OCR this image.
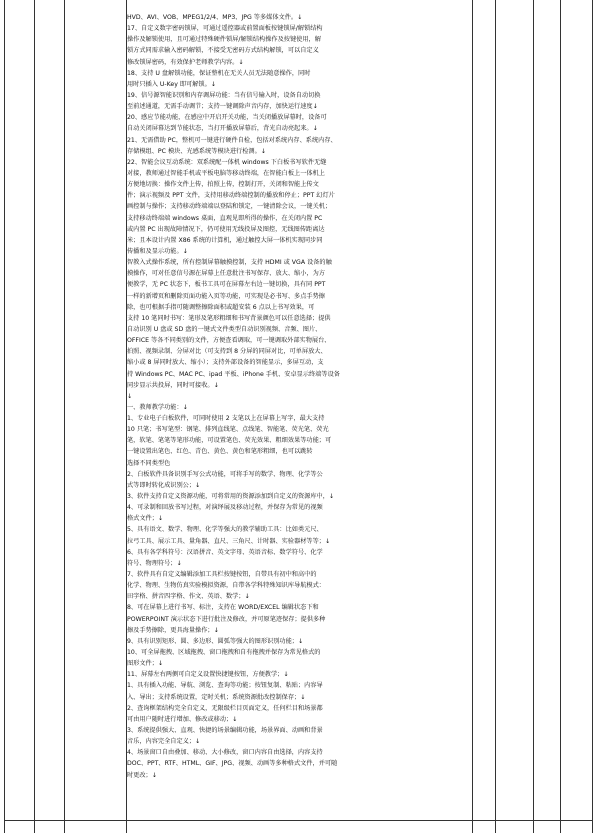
HVD、AVI、VOB、MPEG1/2/4、MP3、JPG 等多媒体文件。↓
17、自定义数字密码锁屏，可通过遥控器或前置面板按键锁屏/解锁结构
操作及解锁使用，且可通过特殊硬件锁屏/解锁结构操作及按键使用，解
锁方式同需求输入密码解锁，不接受无密码方式结构解锁，可以自定义
修改锁屏密码，有效保护老师教学内容。↓
18、支持 U 盘解锁功能，保证整机在无关人员无法随意操作，同时
用时只插入 U-Key 即可解锁。↓
19、信号源智能识别和内存调屏功能：当有信号输入时，设备自动切换
至前述通道，无需手动调节；支持一键调除声音内存，加快运行速度↓
20、感应节能功能，在感应中开启开关功能，当关闭播放屏幕时，设备可
自动关闭屏幕达到节能状态，当打开播放屏幕后，背光自动亮起来。↓
21、无需借助 PC，整机可一键进行硬件自检，包括对系统内存、系统内存、
存储模组、PC 模块、光感系统等模块进行检测。↓
22、智能会议互动系统：双系统配一体机 windows 下白板书写软件无缝
对接，教师通过智能手机或平板电脑等移动终端，在智能白板上一体机上
方便地切换：操作文件上传，拍照上传，控制打开，关闭和智能上传文
件；演示视频及 PPT 文件，支持用移动终端控制的播放和停止；PPT 幻灯片
画控制与操作；支持移动终端端以登陆和锁定，一键清除会议，一键关机；
支持移动终端端 windows 桌面，直观见即所得的操作，在关闭内置 PC
或内置 PC 出现故障情况下，仍可使用无线投屏及图控，无线图传距离达
米；且本设计内置 X86 系统的计算机，通过触控大屏一体机实现同步同
传播和及显示功能。↓
智教入式操作系统，所有控制屏幕触摸控制，支持 HDMI 或 VGA 设备的触
摸操作，可对任意信号源在屏幕上任意批注书写保存、放大、缩小，为方
便教学，无 PC 状态下，板书工具可在屏幕左右边一键切换，具有同 PPT
一样的新增页和删除页面功能入页等功能，可实现是必书写、多点手势擦
除，也可根据手指可随调整擦除面积或超安装 6 点以上书写效果，可
支持 10 笔同时书写：笔形及笔形粗细和书写背景颜色可以任意选择；提供
自动识别 U 盘或 SD 盘的一键式文件类型自动识别视频、音频、图片、
OFFICE 等各不同类别的文件，方便查看调取，可一键调取外部实物展台、
拍照、视频录制、分屏对比（可支持到 8 分屏的同屏对比，可单屏放大、
缩小或 8 屏同时放大、缩小）；支持外部设备的智能显示，多屏互动，支
持 Windows PC、MAC PC、ipad 平板、iPhone 手机、安卓显示终端等设备
同步显示共投屏，同时可接收。↓
↓
一、教师教学功能：↓
1、专业电子白板软件，可同时使用 2 支笔以上在屏幕上写字，最大支持
10 只笔；书写笔型：钢笔、排列直线笔、点线笔、智能笔、荧光笔、荧光
笔，软笔、笔笔等笔形功能，可设置笔色、荧光效果、粗细效果等功能；可
一键设置出笔色、红色、青色、黄色、黄色和笔形粗细，也可以跳转
选择不同类型色
2、白板软件具备识别手写公式功能，可将手写的数学、物理、化学等公
式等即时转化成识别公；↓
3、软件支持自定义资源功能，可将常用的资源添加到自定义的资源库中，↓
4、可录制和回放书写过程，对演绎展及移动过程，并保存为常见的视频
格式文件；↓
5、具有语文、数学、物理、化学等强大的教学辅助工具：比如类元尺、
拉弓工具、展示工具、量角器、直尺、三角尺、计时器、实验器材等等；↓
6、具有各学科符号：汉语拼音、英文字母、英语音标、数学符号、化学
符号、物理符号；↓
7、软件具有自定义编辑添加工具栏按键按钮，自带具有初中和高中的
化学、物理、生物仿真实验模拟资源，自带各学科特殊知识库导航模式：
田字格、拼音四字格、作文、英语、数学；↓
8、可在屏幕上进行书写、标注，支持在 WORD/EXCEL 编辑状态下和
POWERPOINT 演示状态下进行批注及修改，并可原笔迹保存；提供多种
擦及手势擦除，更具海量操作；↓
9、具有识别矩形、圆、多边形、圆弧等强大的图形识别功能；↓
10、可全屏拖拽、区域拖拽、窗口拖拽和自有拖拽并保存为常见格式的
图形文件；↓
11、屏幕左右两侧可自定义设置快捷键按钮，方便教学；↓
1、具有插入功能、导航、浏览、查询等功能；按钮复制、粘贴；内容导
入、导出；支持系统设置，定时关机；系统资源批改控制保存；↓
2、查询框架结构完全自定义，无限级栏目页面定义，任何栏目和场景都
可由用户随时进行增加、修改或移动；↓
3、系统提供强大、直观、快捷的场景编辑功能，场景界面、动画和背景
音乐，内容完全自定义；↓
4、场景窗口自由叠加、移动、大小修改，窗口内容自由选择，内容支持
DOC、PPT、RTF、HTML、GIF、JPG、视频、动画等多种格式文件，并可随
时更改；↓
